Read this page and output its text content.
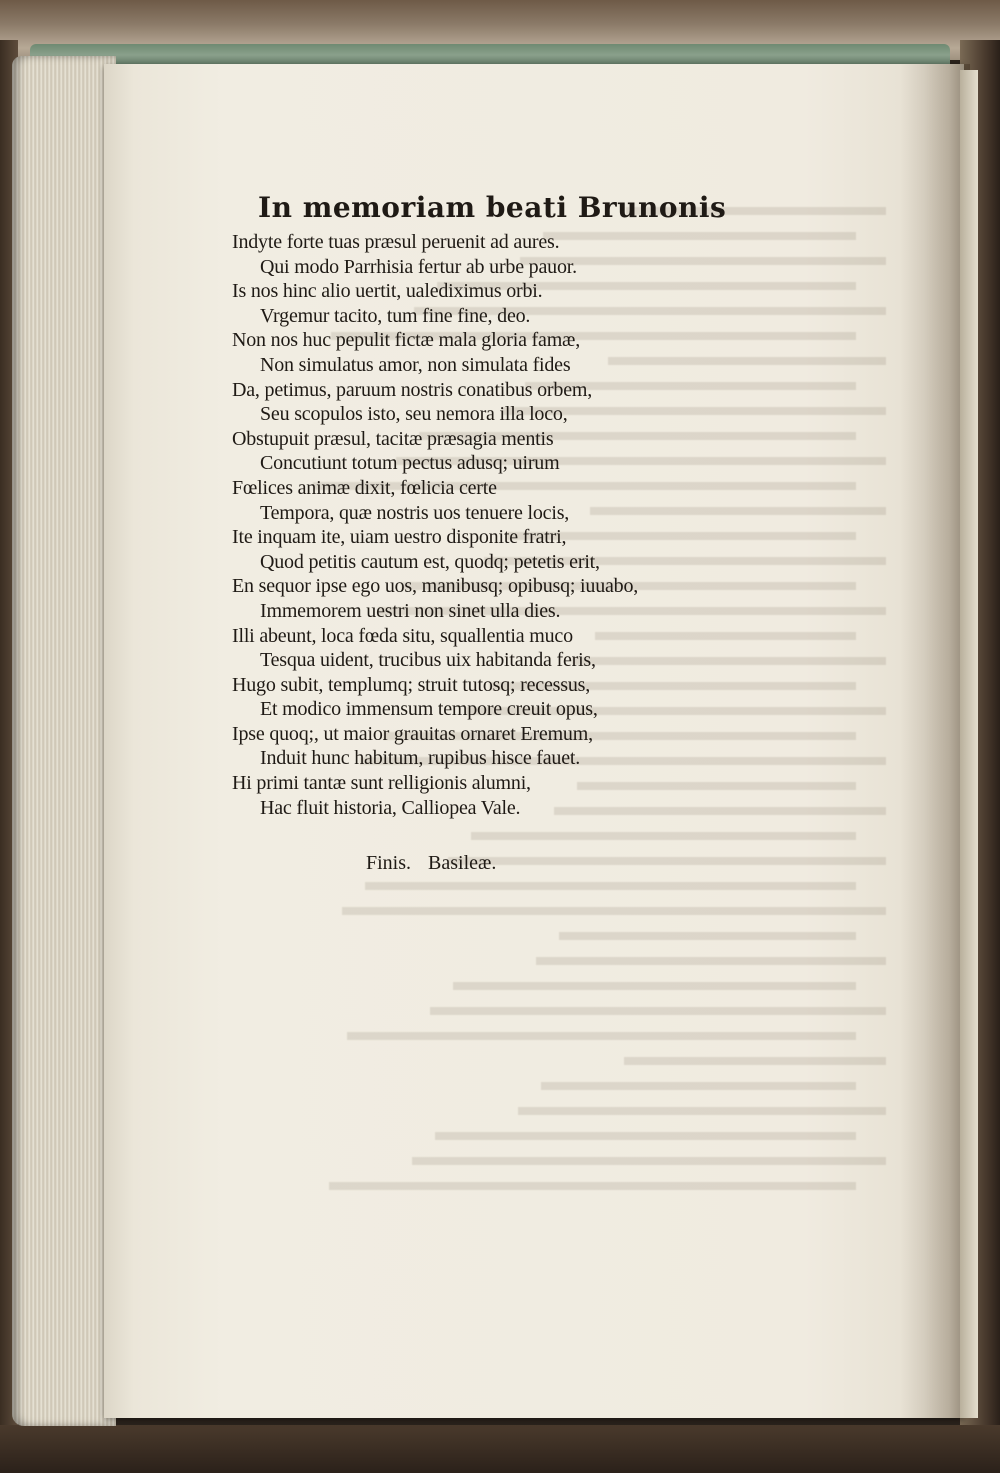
In memoriam beati Brunonis
Indyte forte tuas præsul peruenit ad aures.
Qui modo Parrhisia fertur ab urbe pauor.
Is nos hinc alio uertit, ualediximus orbi.
Vrgemur tacito, tum fine fine, deo.
Non nos huc pepulit fictæ mala gloria famæ,
Non simulatus amor, non simulata fides
Da, petimus, paruum nostris conatibus orbem,
Seu scopulos isto, seu nemora illa loco,
Obstupuit præsul, tacitæ præsagia mentis
Concutiunt totum pectus adusq; uirum
Fœlices animæ dixit, fœlicia certe
Tempora, quæ nostris uos tenuere locis,
Ite inquam ite, uiam uestro disponite fratri,
Quod petitis cautum est, quodq; petetis erit,
En sequor ipse ego uos, manibusq; opibusq; iuuabo,
Immemorem uestri non sinet ulla dies.
Illi abeunt, loca fœda situ, squallentia muco
Tesqua uident, trucibus uix habitanda feris,
Hugo subit, templumq; struit tutosq; recessus,
Et modico immensum tempore creuit opus,
Ipse quoq;, ut maior grauitas ornaret Eremum,
Induit hunc habitum, rupibus hisce fauet.
Hi primi tantæ sunt relligionis alumni,
Hac fluit historia, Calliopea Vale.
Finis. Basileæ.
